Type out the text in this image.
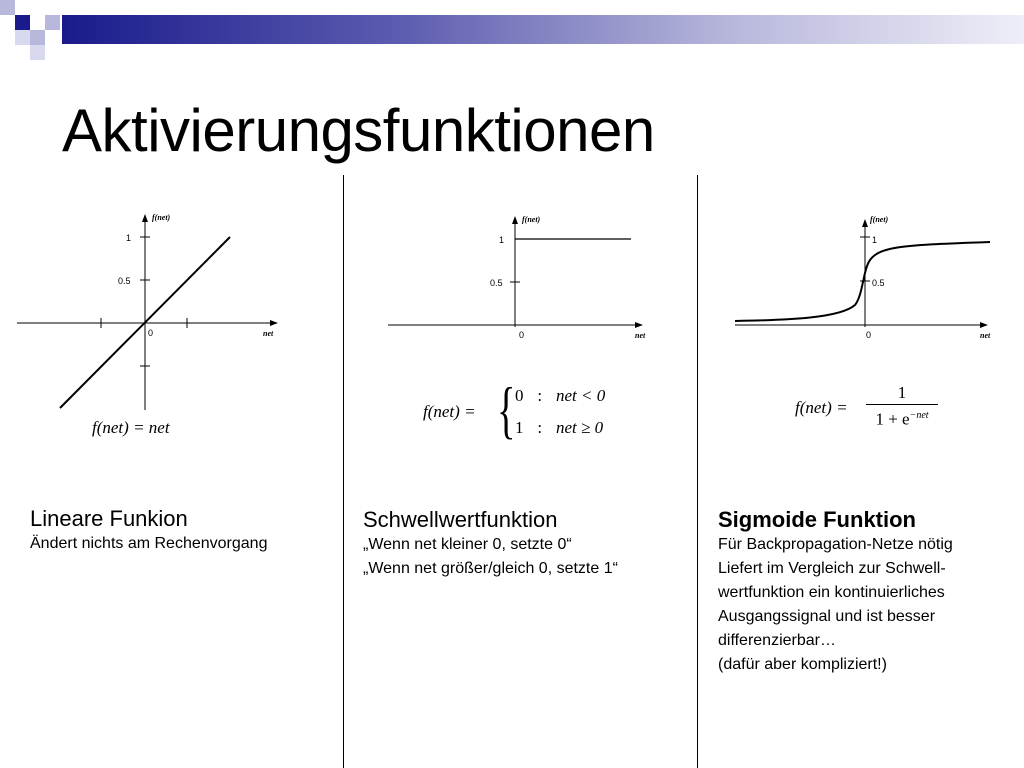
Aktivierungsfunktionen
f(net)
net
1
0.5
0
f(net) = net
f(net)
net
1
0.5
0
f(net) = { 0 : net < 0
1 : net ≥ 0
f(net)
net
1
0.5
0
f(net) =
1
$1 + e^{-net}$
Lineare Funkion
Ändert nichts am Rechenvorgang
Schwellwertfunktion
„Wenn net kleiner 0, setzte 0“
„Wenn net größer/gleich 0, setzte 1“
Sigmoide Funktion
Für Backpropagation-Netze nötig
Liefert im Vergleich zur Schwell-
wertfunktion ein kontinuierliches
Ausgangssignal und ist besser
differenzierbar…
(dafür aber kompliziert!)
